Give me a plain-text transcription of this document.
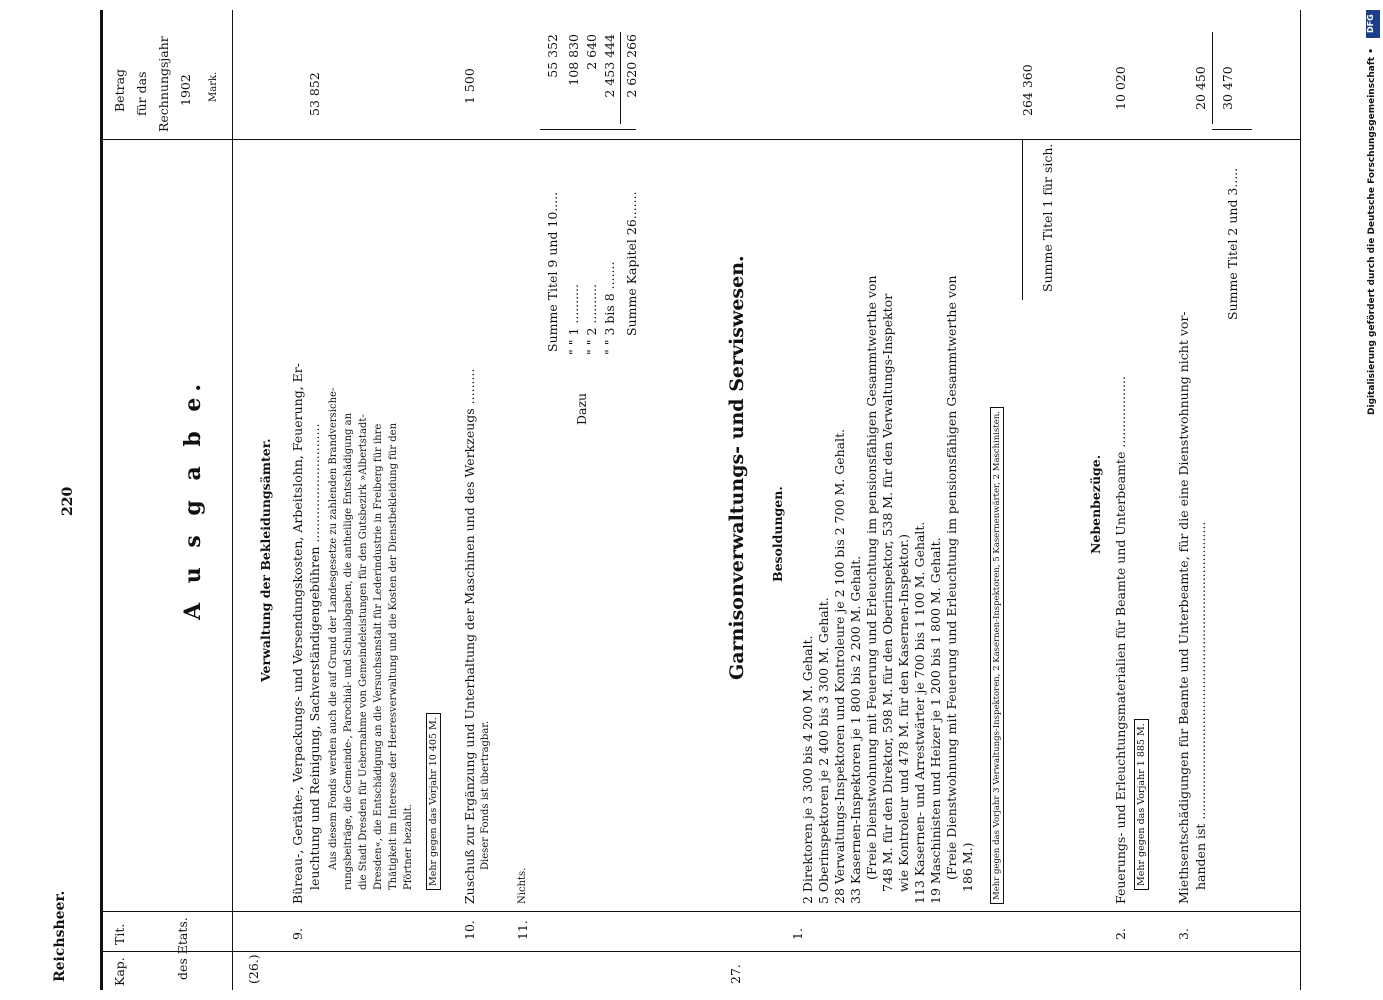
Reichsheer.
220
Kap.
Tit.	des Etats.
Betrag für das Rechnungsjahr 1902 Mark.
A u s g a b e.
(26.)
Verwaltung der Bekleidungsämter.
9.
Büreau-, Geräthe-, Verpackungs- und Versendungskosten, Arbeitslohn, Feuerung, Er- leuchtung und Reinigung, Sachverständigengebühren .............................. Aus diesem Fonds werden auch die auf Grund der Landesgesetze zu zahlenden Brandversiche- rungsbeiträge, die Gemeinde-, Parochial- und Schulabgaben, die antheilige Entschädigung an die Stadt Dresden für Uebernahme von Gemeindeleistungen für den Gutsbezirk »Albertstadt- Dresden«, die Entschädigung an die Versuchsanstalt für Lederindustrie in Freiberg für ihre Thätigkeit im Interesse der Heeresverwaltung und die Kosten der Dienstbekleidung für den Pförtner bezahlt. Mehr gegen das Vorjahr 10 405 M.
53 852
10.
Zuschuß zur Ergänzung und Unterhaltung der Maschinen und des Werkzeugs ......... Dieser Fonds ist übertragbar.
1 500
11.
Nichts.
Summe Titel 9 und 10.....
Dazu
" " 1 .......... " " 2 .......... " " 3 bis 8 ....... Summe Kapitel 26.......
55 352 108 830 2 640 2 453 444 2 620 266
27.
Garnisonverwaltungs- und Serviswesen. Besoldungen.
1.
2 Direktoren je 3 300 bis 4 200 M. Gehalt. 5 Oberinspektoren je 2 400 bis 3 300 M. Gehalt. 28 Verwaltungs-Inspektoren und Kontroleure je 2 100 bis 2 700 M. Gehalt. 33 Kasernen-Inspektoren je 1 800 bis 2 200 M. Gehalt. (Freie Dienstwohnung mit Feuerung und Erleuchtung im pensionsfähigen Gesammtwerthe von 748 M. für den Direktor, 598 M. für den Oberinspektor, 538 M. für den Verwaltungs-Inspektor wie Kontroleur und 478 M. für den Kasernen-Inspektor.) 113 Kasernen- und Arrestwärter je 700 bis 1 100 M. Gehalt. 19 Maschinisten und Heizer je 1 200 bis 1 800 M. Gehalt. (Freie Dienstwohnung mit Feuerung und Erleuchtung im pensionsfähigen Gesammtwerthe von 186 M.) Mehr gegen das Vorjahr 3 Verwaltungs-Inspektoren, 2 Kasernen-Inspektoren, 5 Kasernenwärter, 2 Maschinisten.
264 360
Summe Titel 1 für sich.
Nebenbezüge.
2.
Feuerungs- und Erleuchtungsmaterialien für Beamte und Unterbeamte .................. Mehr gegen das Vorjahr 1 885 M.
10 020
3.
Miethsentschädigungen für Beamte und Unterbeamte, für die eine Dienstwohnung nicht vor- handen ist ...........................................................................
20 450
Summe Titel 2 und 3.....
30 470
DFG
Digitalisierung gefördert durch die Deutsche Forschungsgemeinschaft •
